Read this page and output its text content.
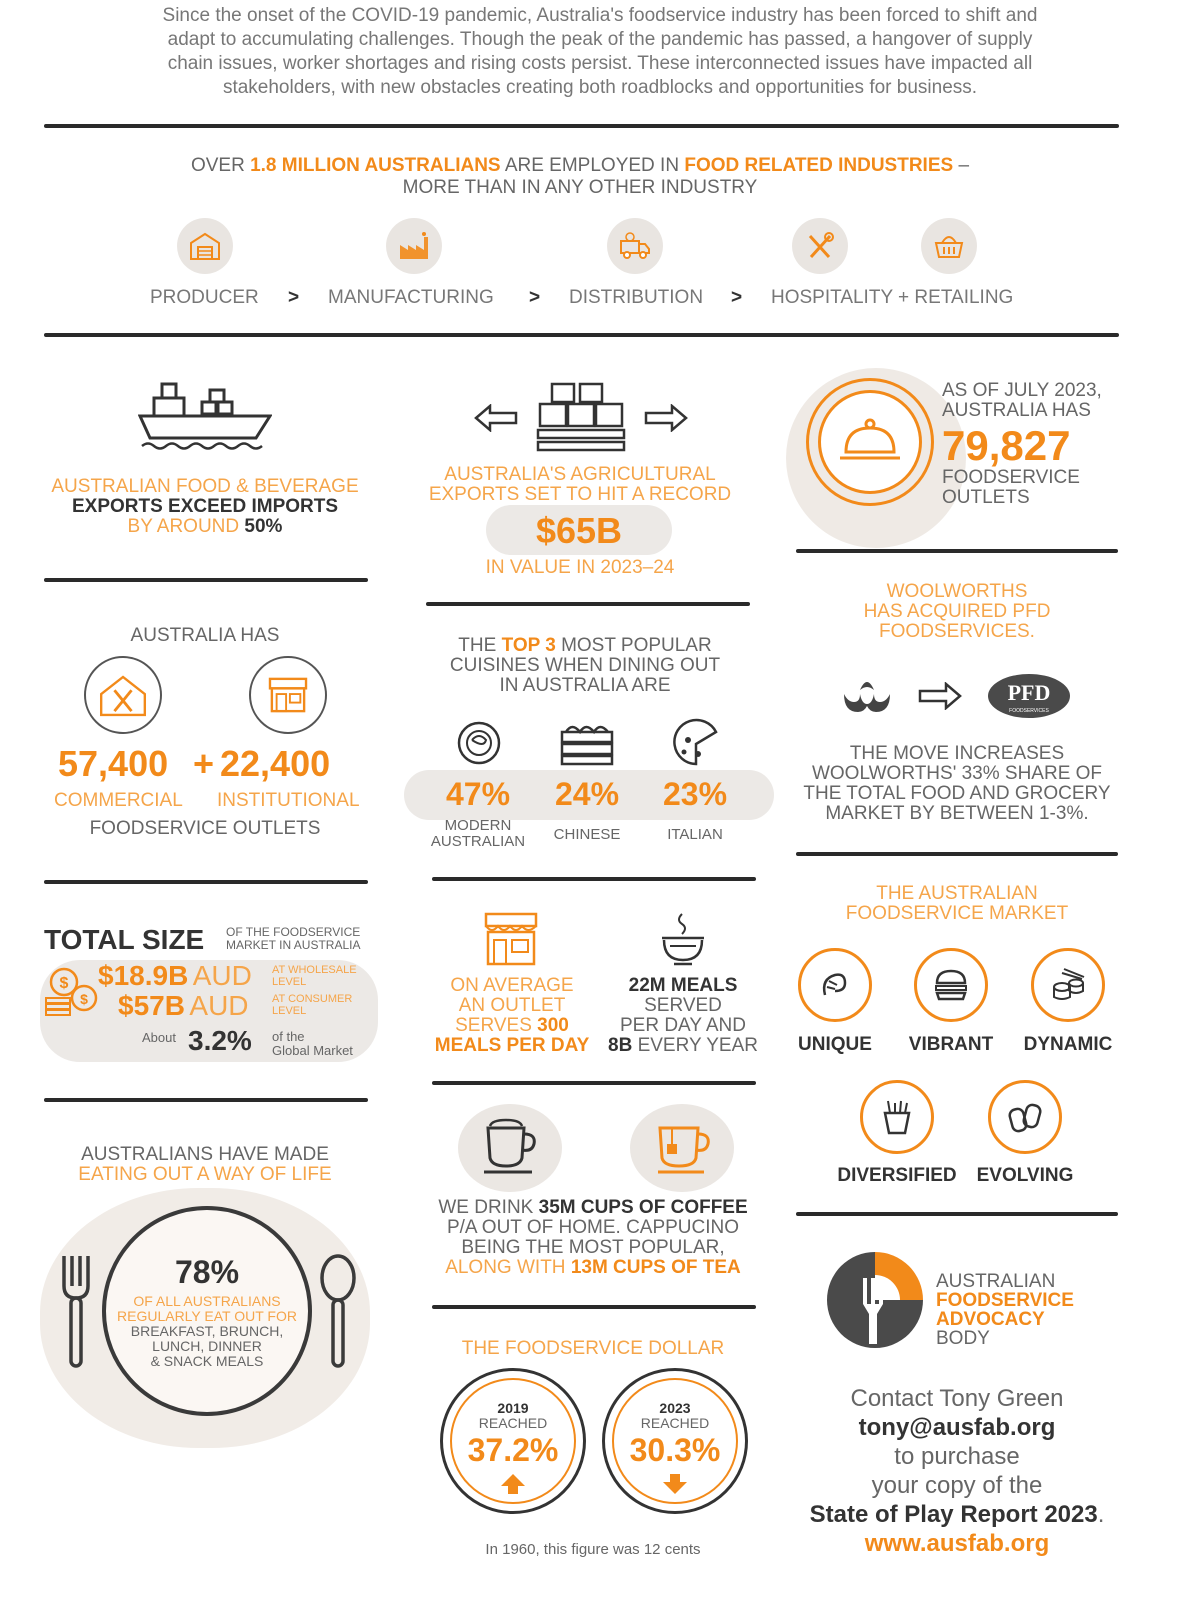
Since the onset of the COVID-19 pandemic, Australia's foodservice industry has been forced to shift and
adapt to accumulating challenges. Though the peak of the pandemic has passed, a hangover of supply
chain issues, worker shortages and rising costs persist. These interconnected issues have impacted all
stakeholders, with new obstacles creating both roadblocks and opportunities for business.
OVER 1.8 MILLION AUSTRALIANS ARE EMPLOYED IN FOOD RELATED INDUSTRIES –
MORE THAN IN ANY OTHER INDUSTRY
PRODUCER > MANUFACTURING > DISTRIBUTION > HOSPITALITY + RETAILING
AUSTRALIAN FOOD & BEVERAGE
EXPORTS EXCEED IMPORTS
BY AROUND 50%
AUSTRALIA'S AGRICULTURAL
EXPORTS SET TO HIT A RECORD
$65B
IN VALUE IN 2023–24
AS OF JULY 2023,
AUSTRALIA HAS
79,827
FOODSERVICE
OUTLETS
AUSTRALIA HAS
57,400 + 22,400
COMMERCIAL INSTITUTIONAL
FOODSERVICE OUTLETS
THE TOP 3 MOST POPULAR
CUISINES WHEN DINING OUT
IN AUSTRALIA ARE
47%	24%	23%
MODERN
AUSTRALIAN	CHINESE	ITALIAN
WOOLWORTHS
HAS ACQUIRED PFD
FOODSERVICES.
PFD
FOODSERVICES
THE MOVE INCREASES
WOOLWORTHS' 33% SHARE OF
THE TOTAL FOOD AND GROCERY
MARKET BY BETWEEN 1-3%.
TOTAL SIZE OF THE FOODSERVICE
MARKET IN AUSTRALIA
$
$
$18.9B AUD AT WHOLESALE
LEVEL
$57B AUD AT CONSUMER
LEVEL
About 3.2% of the
Global Market
ON AVERAGE
AN OUTLET
SERVES 300
MEALS PER DAY
22M MEALS
SERVED
PER DAY AND
8B EVERY YEAR
THE AUSTRALIAN
FOODSERVICE MARKET
UNIQUE	VIBRANT	DYNAMIC
DIVERSIFIED	EVOLVING
AUSTRALIANS HAVE MADE
EATING OUT A WAY OF LIFE
78%
OF ALL AUSTRALIANS
REGULARLY EAT OUT FOR
BREAKFAST, BRUNCH,
LUNCH, DINNER
& SNACK MEALS
WE DRINK 35M CUPS OF COFFEE
P/A OUT OF HOME. CAPPUCINO
BEING THE MOST POPULAR,
ALONG WITH 13M CUPS OF TEA
THE FOODSERVICE DOLLAR
2019
REACHED
37.2%
2023
REACHED
30.3%
In 1960, this figure was 12 cents
AUSTRALIAN
FOODSERVICE
ADVOCACY
BODY
Contact Tony Green
tony@ausfab.org
to purchase
your copy of the
State of Play Report 2023.
www.ausfab.org
